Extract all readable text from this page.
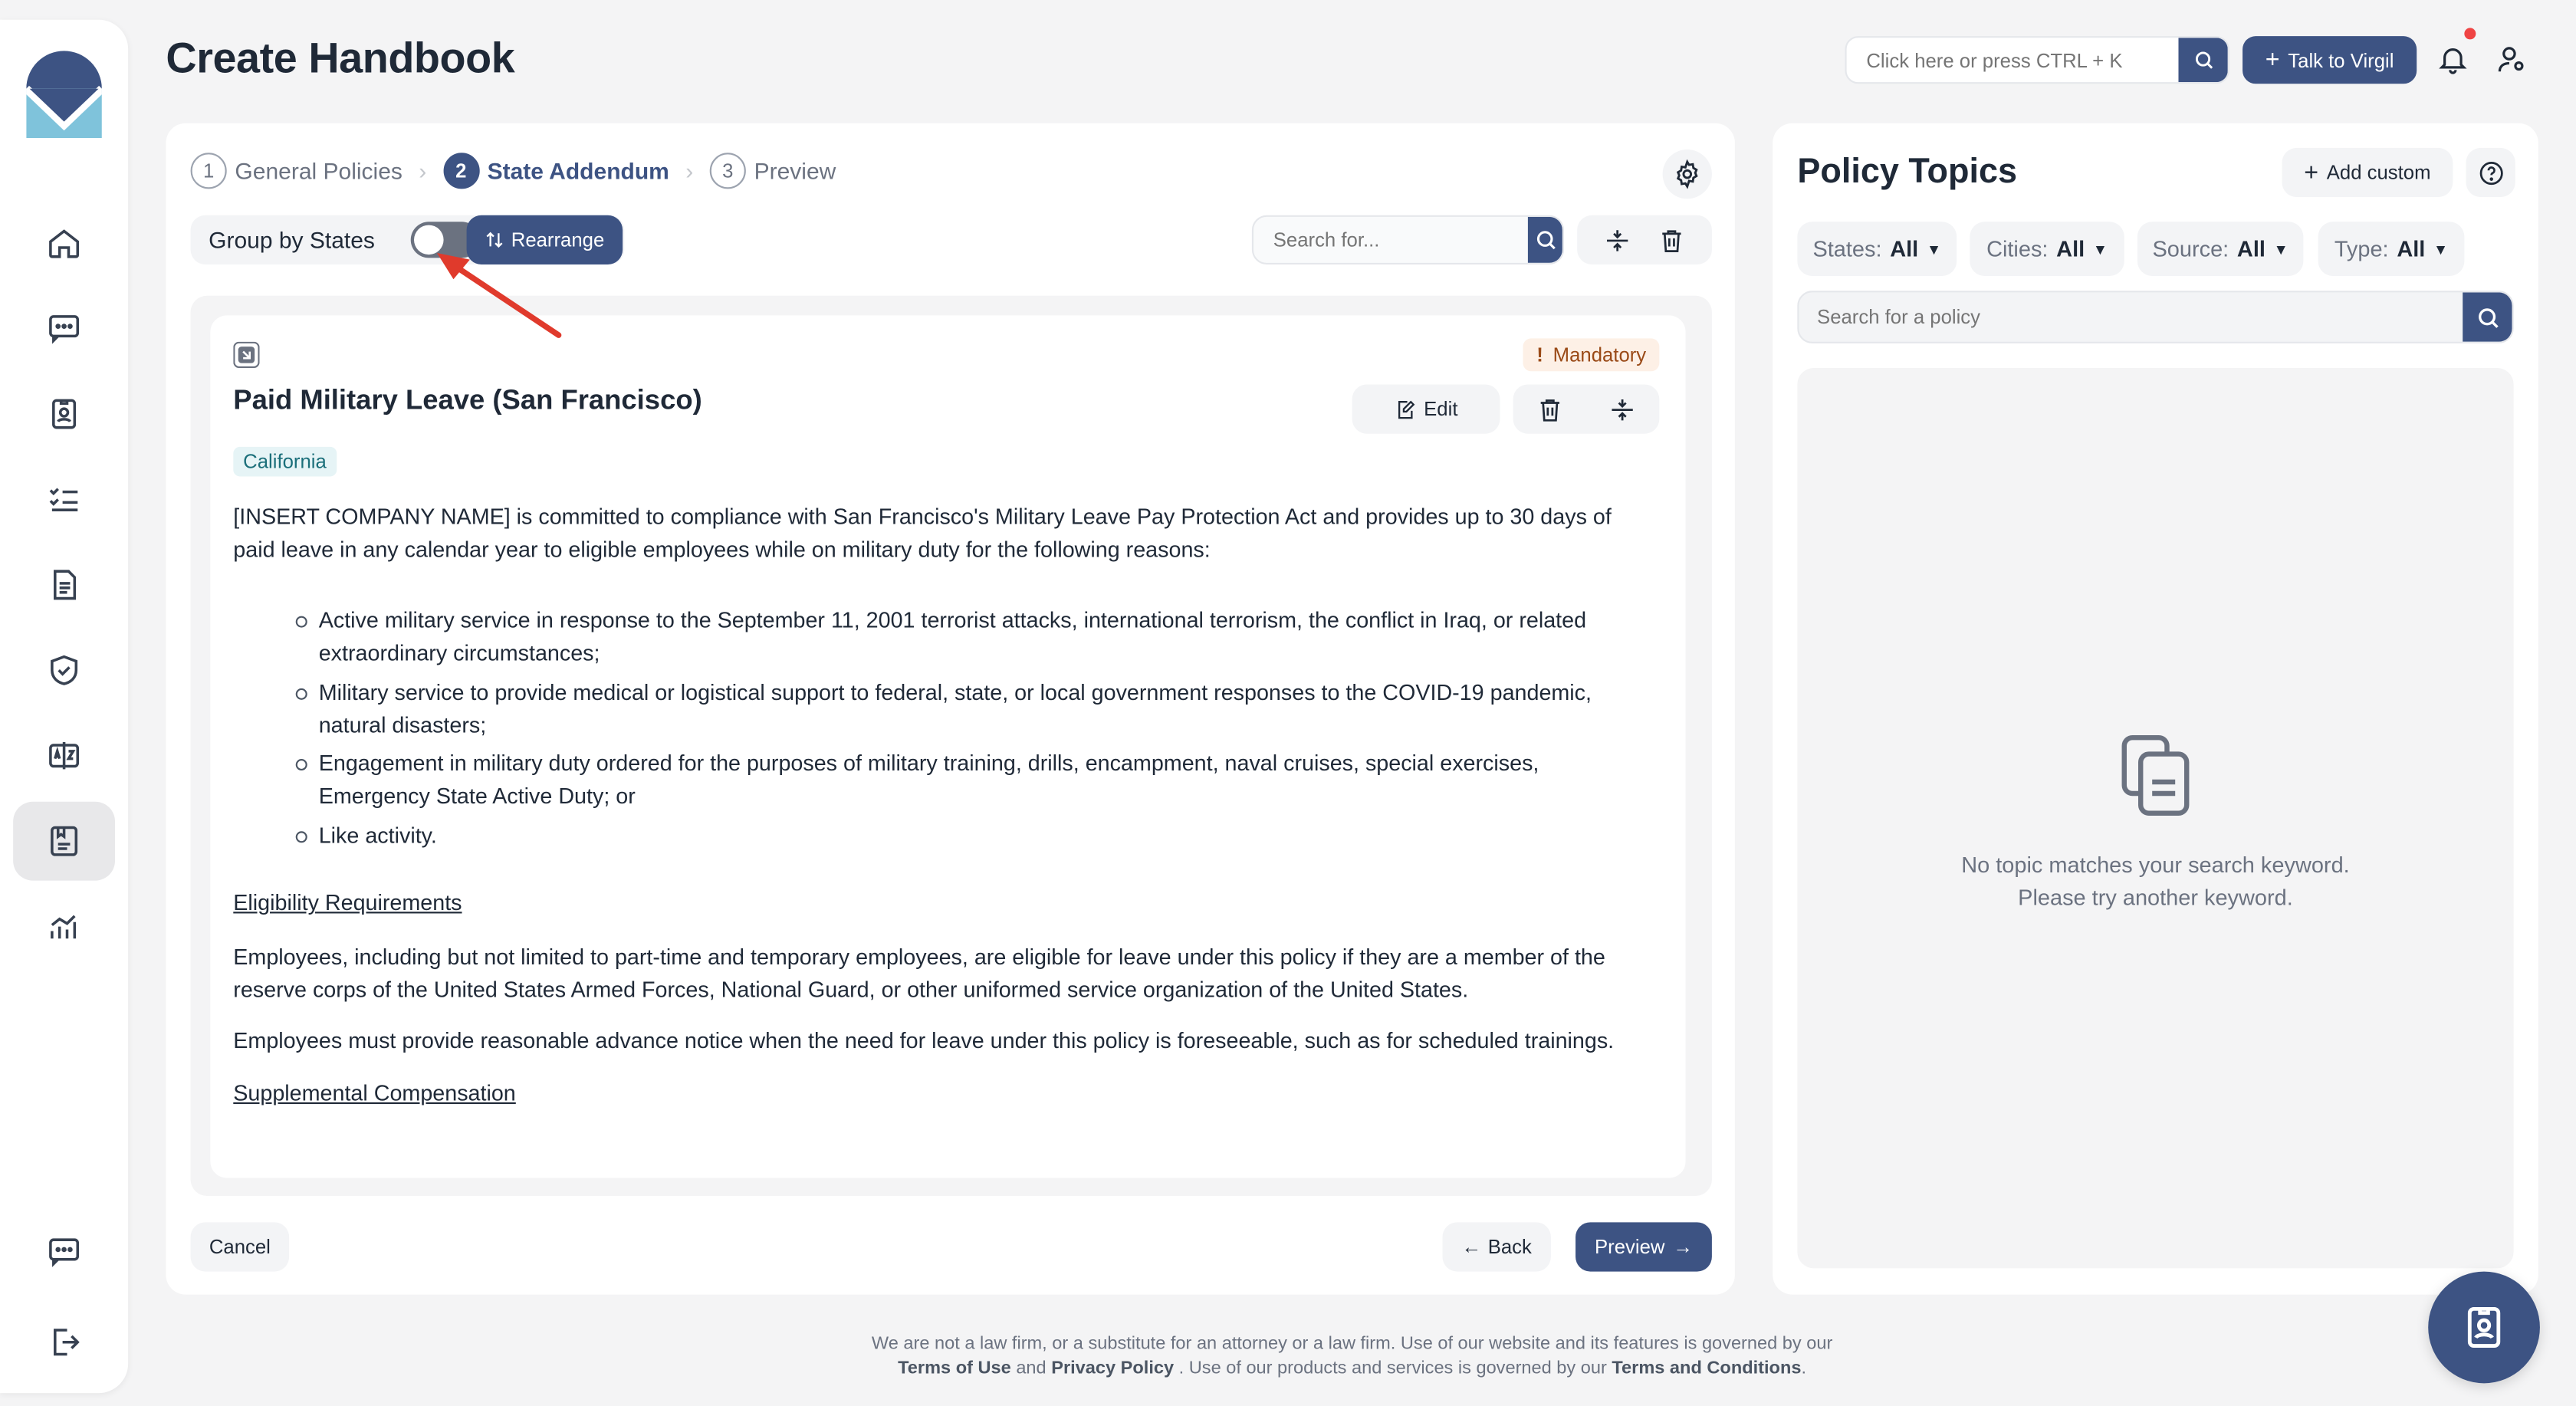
Create Handbook
Click here or press CTRL + K	+ Talk to Virgil
1	General Policies ›	2	State Addendum ›	3	Preview
Group by States	Rearrange
Search for...
! Mandatory
Paid Military Leave (San Francisco)	Edit
California

[INSERT COMPANY NAME] is committed to compliance with San Francisco's Military Leave Pay Protection Act and provides up to 30 days of paid leave in any calendar year to eligible employees while on military duty for the following reasons:

Active military service in response to the September 11, 2001 terrorist attacks, international terrorism, the conflict in Iraq, or related extraordinary circumstances;
Military service to provide medical or logistical support to federal, state, or local government responses to the COVID-19 pandemic, natural disasters;
Engagement in military duty ordered for the purposes of military training, drills, encampment, naval cruises, special exercises, Emergency State Active Duty; or
Like activity.
Eligibility Requirements

Employees, including but not limited to part-time and temporary employees, are eligible for leave under this policy if they are a member of the reserve corps of the United States Armed Forces, National Guard, or other uniformed service organization of the United States.

Employees must provide reasonable advance notice when the need for leave under this policy is foreseeable, such as for scheduled trainings.

Supplemental Compensation
Cancel	← Back	Preview →
Policy Topics	+ Add custom
States: All ▼	Cities: All ▼	Source: All ▼	Type: All ▼
Search for a policy
No topic matches your search keyword.
Please try another keyword.
We are not a law firm, or a substitute for an attorney or a law firm. Use of our website and its features is governed by our
Terms of Use and Privacy Policy . Use of our products and services is governed by our Terms and Conditions.
